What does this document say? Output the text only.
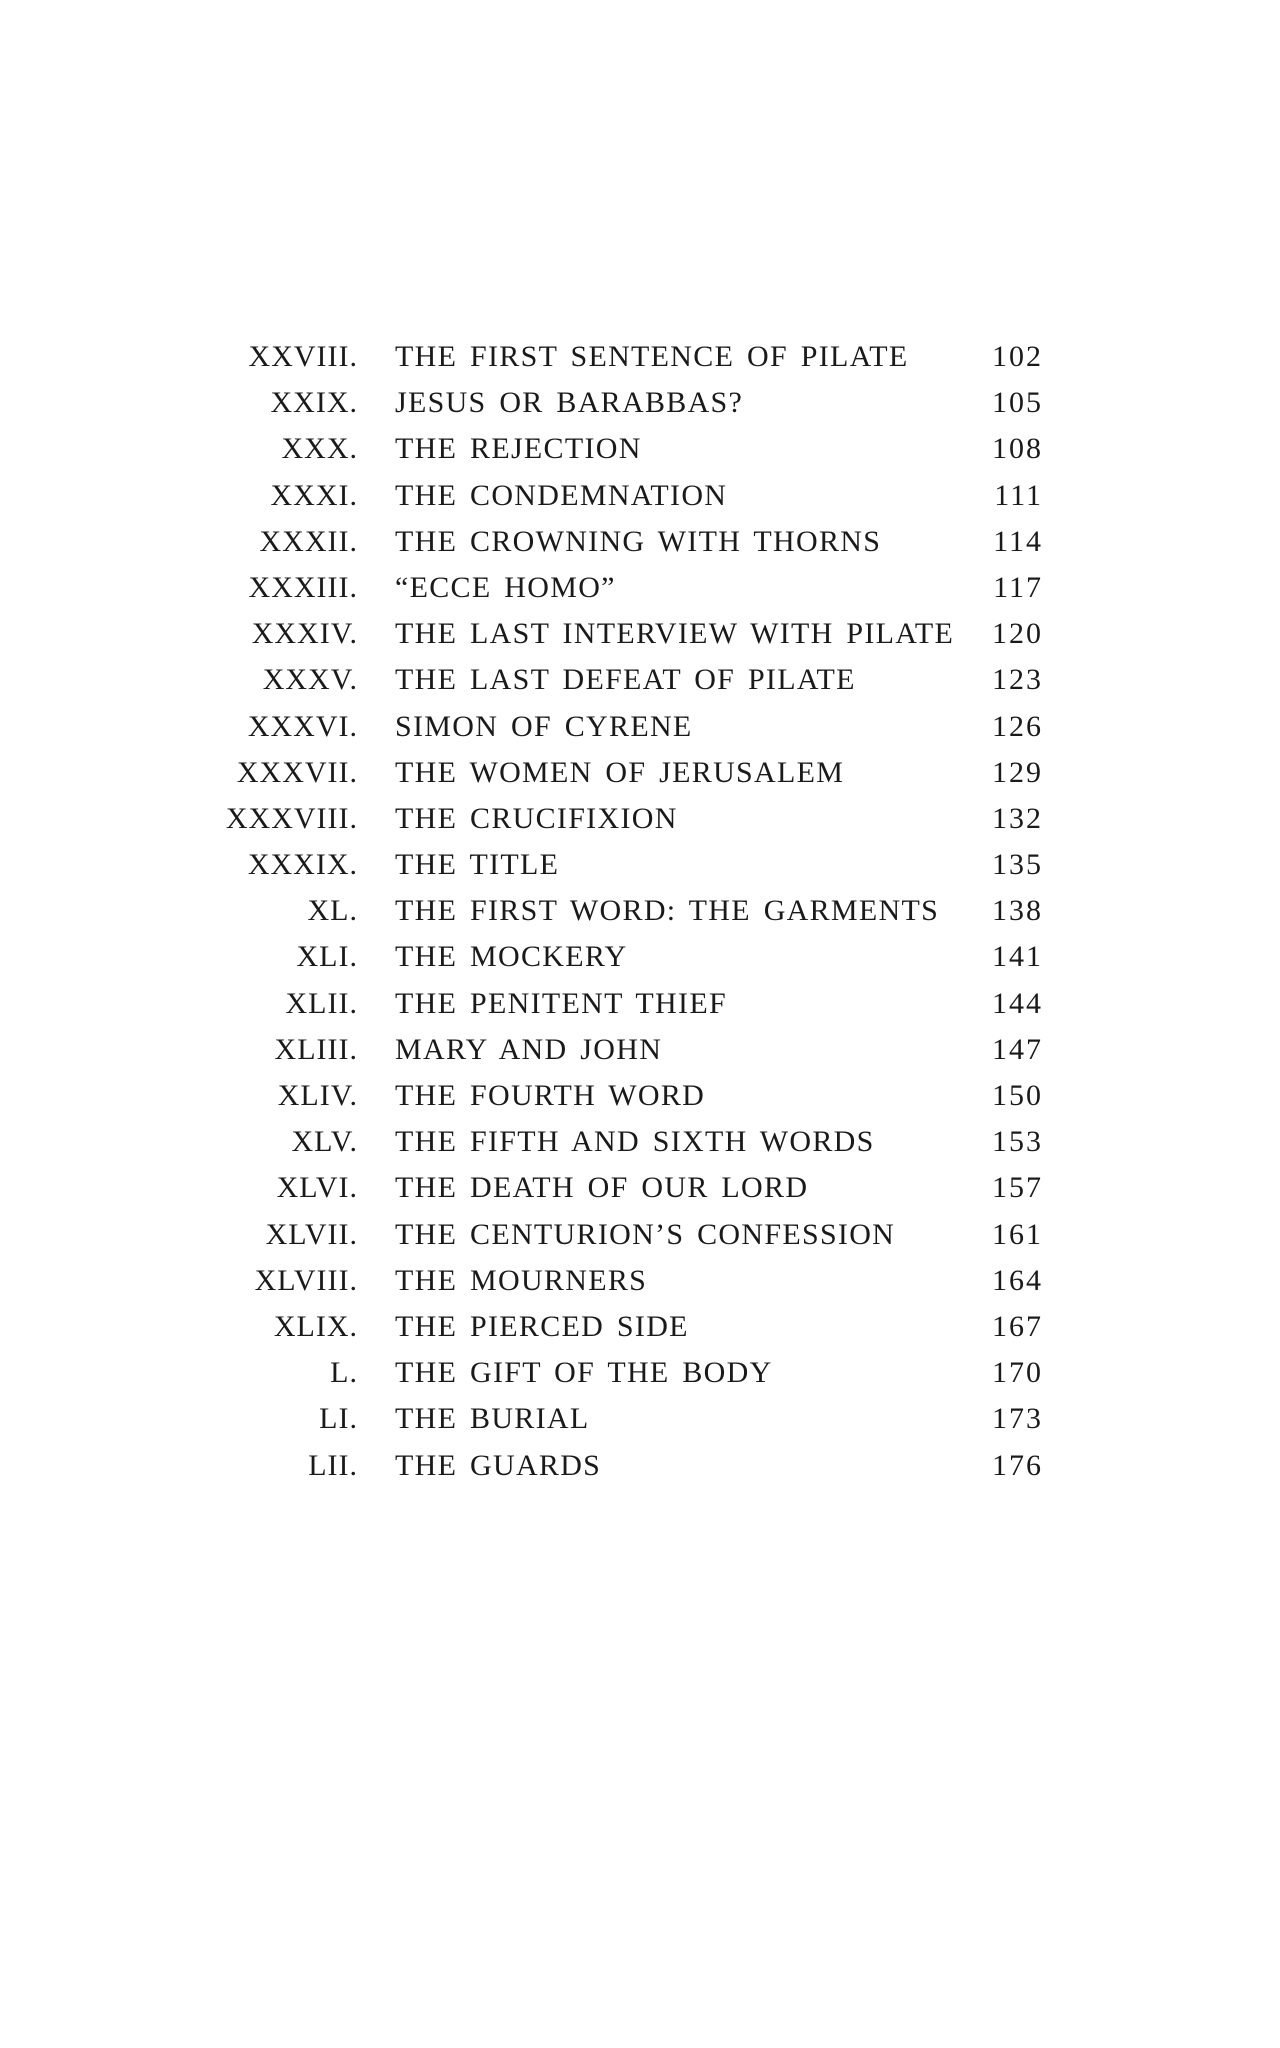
XXVIII.	THE FIRST SENTENCE OF PILATE	102
XXIX.	JESUS OR BARABBAS?	105
XXX.	THE REJECTION	108
XXXI.	THE CONDEMNATION	111
XXXII.	THE CROWNING WITH THORNS	114
XXXIII.	“ECCE HOMO”	117
XXXIV.	THE LAST INTERVIEW WITH PILATE	120
XXXV.	THE LAST DEFEAT OF PILATE	123
XXXVI.	SIMON OF CYRENE	126
XXXVII.	THE WOMEN OF JERUSALEM	129
XXXVIII.	THE CRUCIFIXION	132
XXXIX.	THE TITLE	135
XL.	THE FIRST WORD: THE GARMENTS	138
XLI.	THE MOCKERY	141
XLII.	THE PENITENT THIEF	144
XLIII.	MARY AND JOHN	147
XLIV.	THE FOURTH WORD	150
XLV.	THE FIFTH AND SIXTH WORDS	153
XLVI.	THE DEATH OF OUR LORD	157
XLVII.	THE CENTURION’S CONFESSION	161
XLVIII.	THE MOURNERS	164
XLIX.	THE PIERCED SIDE	167
L.	THE GIFT OF THE BODY	170
LI.	THE BURIAL	173
LII.	THE GUARDS	176
